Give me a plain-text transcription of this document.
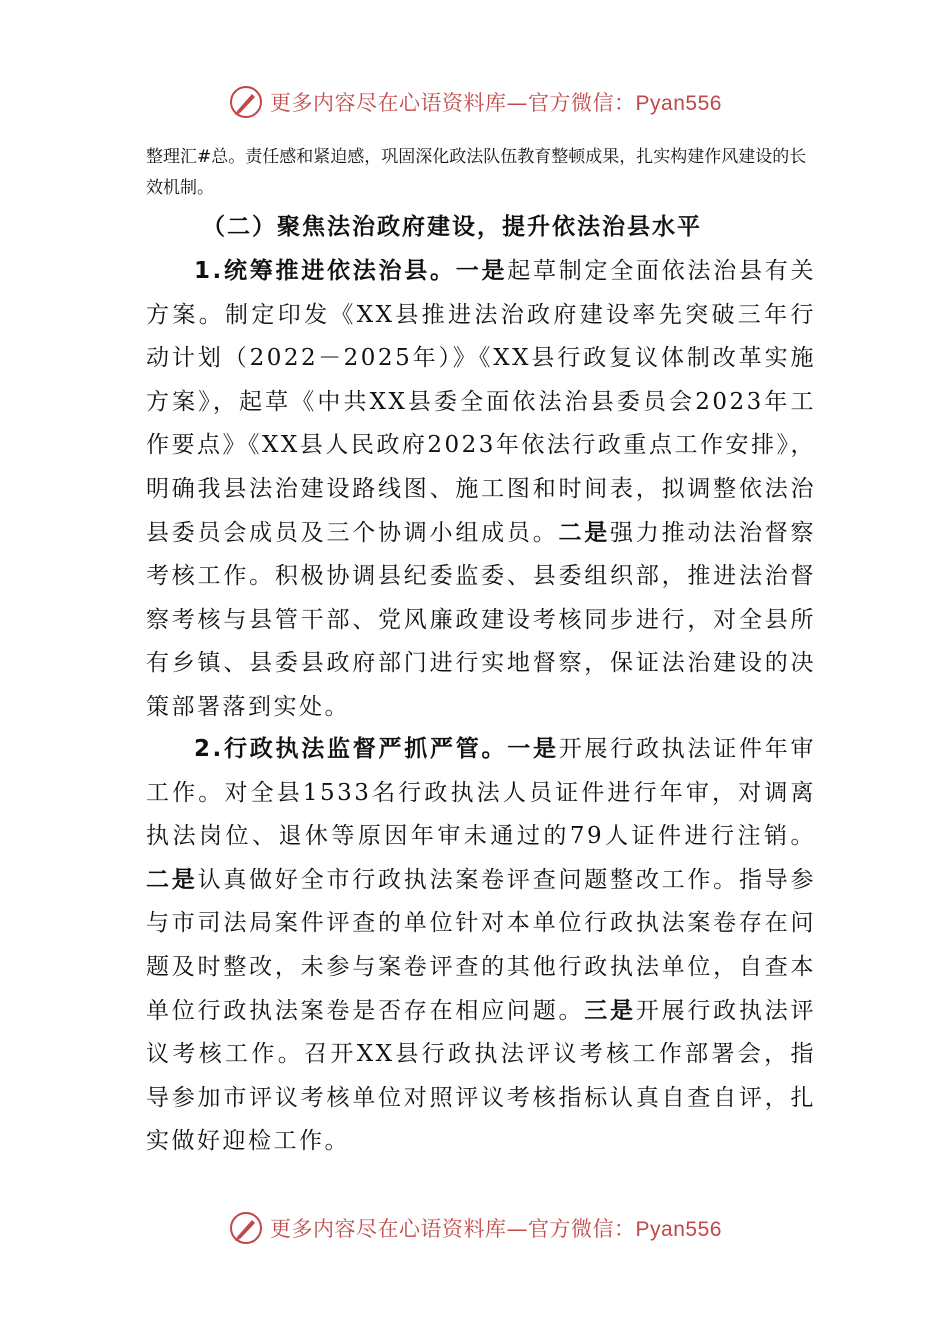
更多内容尽在心语资料库—官方微信：Pyan556

整理汇#总。责任感和紧迫感，巩固深化政法队伍教育整顿成果，扎实构建作风建设的长效机制。

（二）聚焦法治政府建设，提升依法治县水平

1.统筹推进依法治县。一是起草制定全面依法治县有关方案。制定印发《XX县推进法治政府建设率先突破三年行动计划（2022－2025年）》《XX县行政复议体制改革实施方案》，起草《中共XX县委全面依法治县委员会2023年工作要点》《XX县人民政府2023年依法行政重点工作安排》，明确我县法治建设路线图、施工图和时间表，拟调整依法治县委员会成员及三个协调小组成员。二是强力推动法治督察考核工作。积极协调县纪委监委、县委组织部，推进法治督察考核与县管干部、党风廉政建设考核同步进行，对全县所有乡镇、县委县政府部门进行实地督察，保证法治建设的决策部署落到实处。

2.行政执法监督严抓严管。一是开展行政执法证件年审工作。对全县1533名行政执法人员证件进行年审，对调离执法岗位、退休等原因年审未通过的79人证件进行注销。二是认真做好全市行政执法案卷评查问题整改工作。指导参与市司法局案件评查的单位针对本单位行政执法案卷存在问题及时整改，未参与案卷评查的其他行政执法单位，自查本单位行政执法案卷是否存在相应问题。三是开展行政执法评议考核工作。召开XX县行政执法评议考核工作部署会，指导参加市评议考核单位对照评议考核指标认真自查自评，扎实做好迎检工作。

更多内容尽在心语资料库—官方微信：Pyan556
